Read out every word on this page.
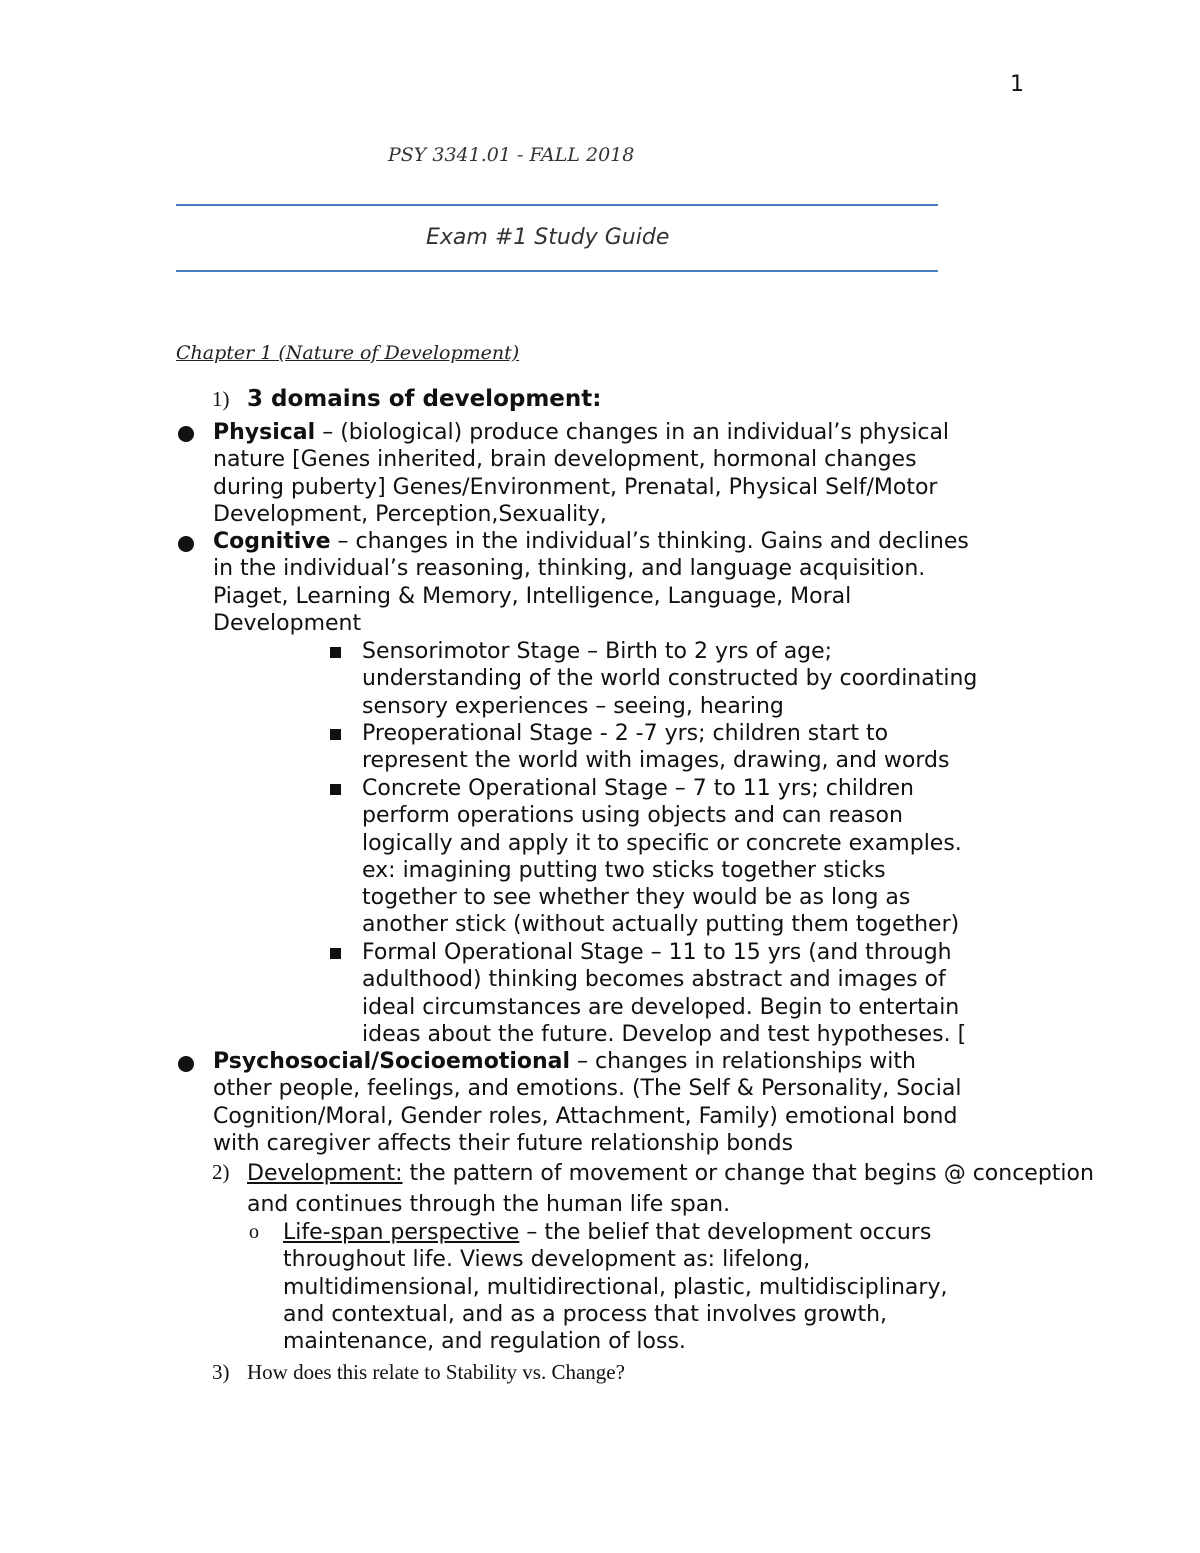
1
PSY 3341.01 - FALL 2018
Exam #1 Study Guide
Chapter 1 (Nature of Development)
1) 3 domains of development:
Physical – (biological) produce changes in an individual’s physical
nature [Genes inherited, brain development, hormonal changes
during puberty] Genes/Environment, Prenatal, Physical Self/Motor
Development, Perception,Sexuality,
Cognitive – changes in the individual’s thinking. Gains and declines
in the individual’s reasoning, thinking, and language acquisition.
Piaget, Learning & Memory, Intelligence, Language, Moral
Development
Sensorimotor Stage – Birth to 2 yrs of age;
understanding of the world constructed by coordinating
sensory experiences – seeing, hearing
Preoperational Stage - 2 -7 yrs; children start to
represent the world with images, drawing, and words
Concrete Operational Stage – 7 to 11 yrs; children
perform operations using objects and can reason
logically and apply it to specific or concrete examples.
ex: imagining putting two sticks together sticks
together to see whether they would be as long as
another stick (without actually putting them together)
Formal Operational Stage – 11 to 15 yrs (and through
adulthood) thinking becomes abstract and images of
ideal circumstances are developed. Begin to entertain
ideas about the future. Develop and test hypotheses. [
Psychosocial/Socioemotional – changes in relationships with
other people, feelings, and emotions. (The Self & Personality, Social
Cognition/Moral, Gender roles, Attachment, Family) emotional bond
with caregiver affects their future relationship bonds
2) Development: the pattern of movement or change that begins @ conception
and continues through the human life span.
o Life-span perspective – the belief that development occurs
throughout life. Views development as: lifelong,
multidimensional, multidirectional, plastic, multidisciplinary,
and contextual, and as a process that involves growth,
maintenance, and regulation of loss.
3) How does this relate to Stability vs. Change?
